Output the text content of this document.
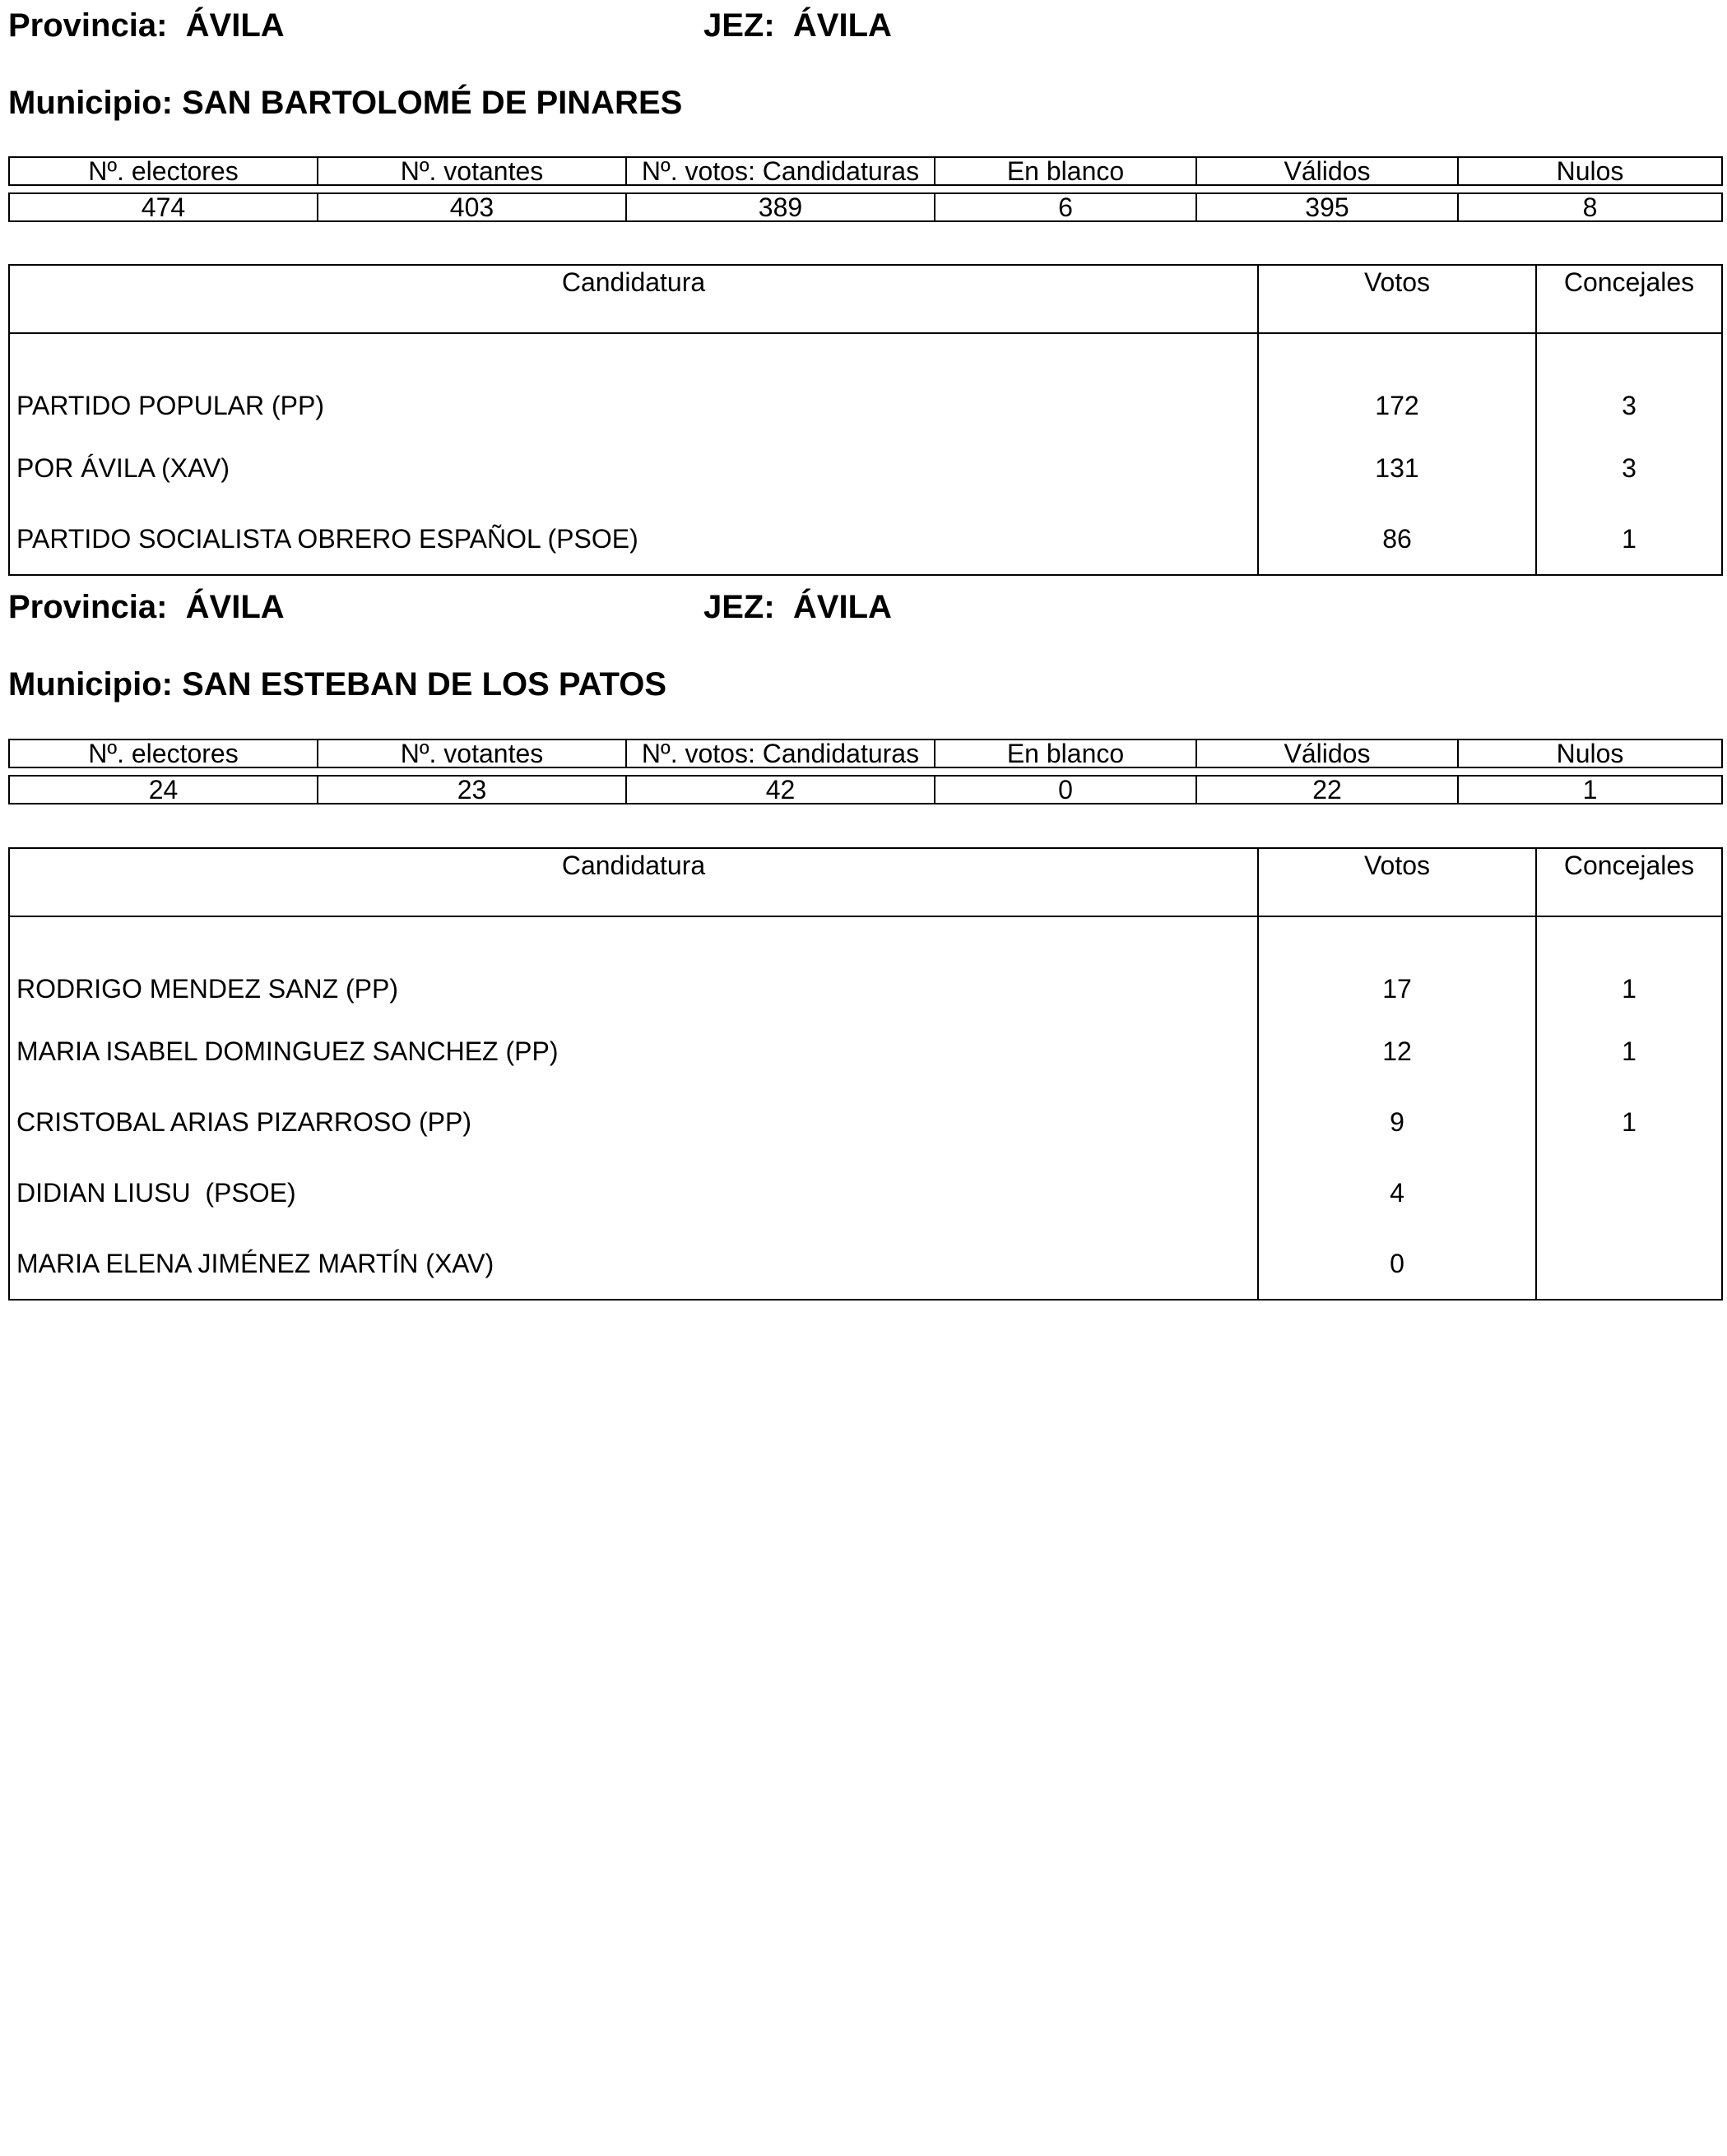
Provincia: ÁVILA	JEZ: ÁVILA
Municipio: SAN BARTOLOMÉ DE PINARES
Nº. electores	Nº. votantes	Nº. votos: Candidaturas	En blanco	Válidos	Nulos

474	403	389	6	395	8
Candidatura	Votos	Concejales
PARTIDO POPULAR (PP)	172	3
POR ÁVILA (XAV)	131	3
PARTIDO SOCIALISTA OBRERO ESPAÑOL (PSOE)	86	1
Provincia: ÁVILA	JEZ: ÁVILA
Municipio: SAN ESTEBAN DE LOS PATOS
Nº. electores	Nº. votantes	Nº. votos: Candidaturas	En blanco	Válidos	Nulos

24	23	42	0	22	1
Candidatura	Votos	Concejales
RODRIGO MENDEZ SANZ (PP)	17	1
MARIA ISABEL DOMINGUEZ SANCHEZ (PP)	12	1
CRISTOBAL ARIAS PIZARROSO (PP)	9	1
DIDIAN LIUSU  (PSOE)	4	
MARIA ELENA JIMÉNEZ MARTÍN (XAV)	0	
